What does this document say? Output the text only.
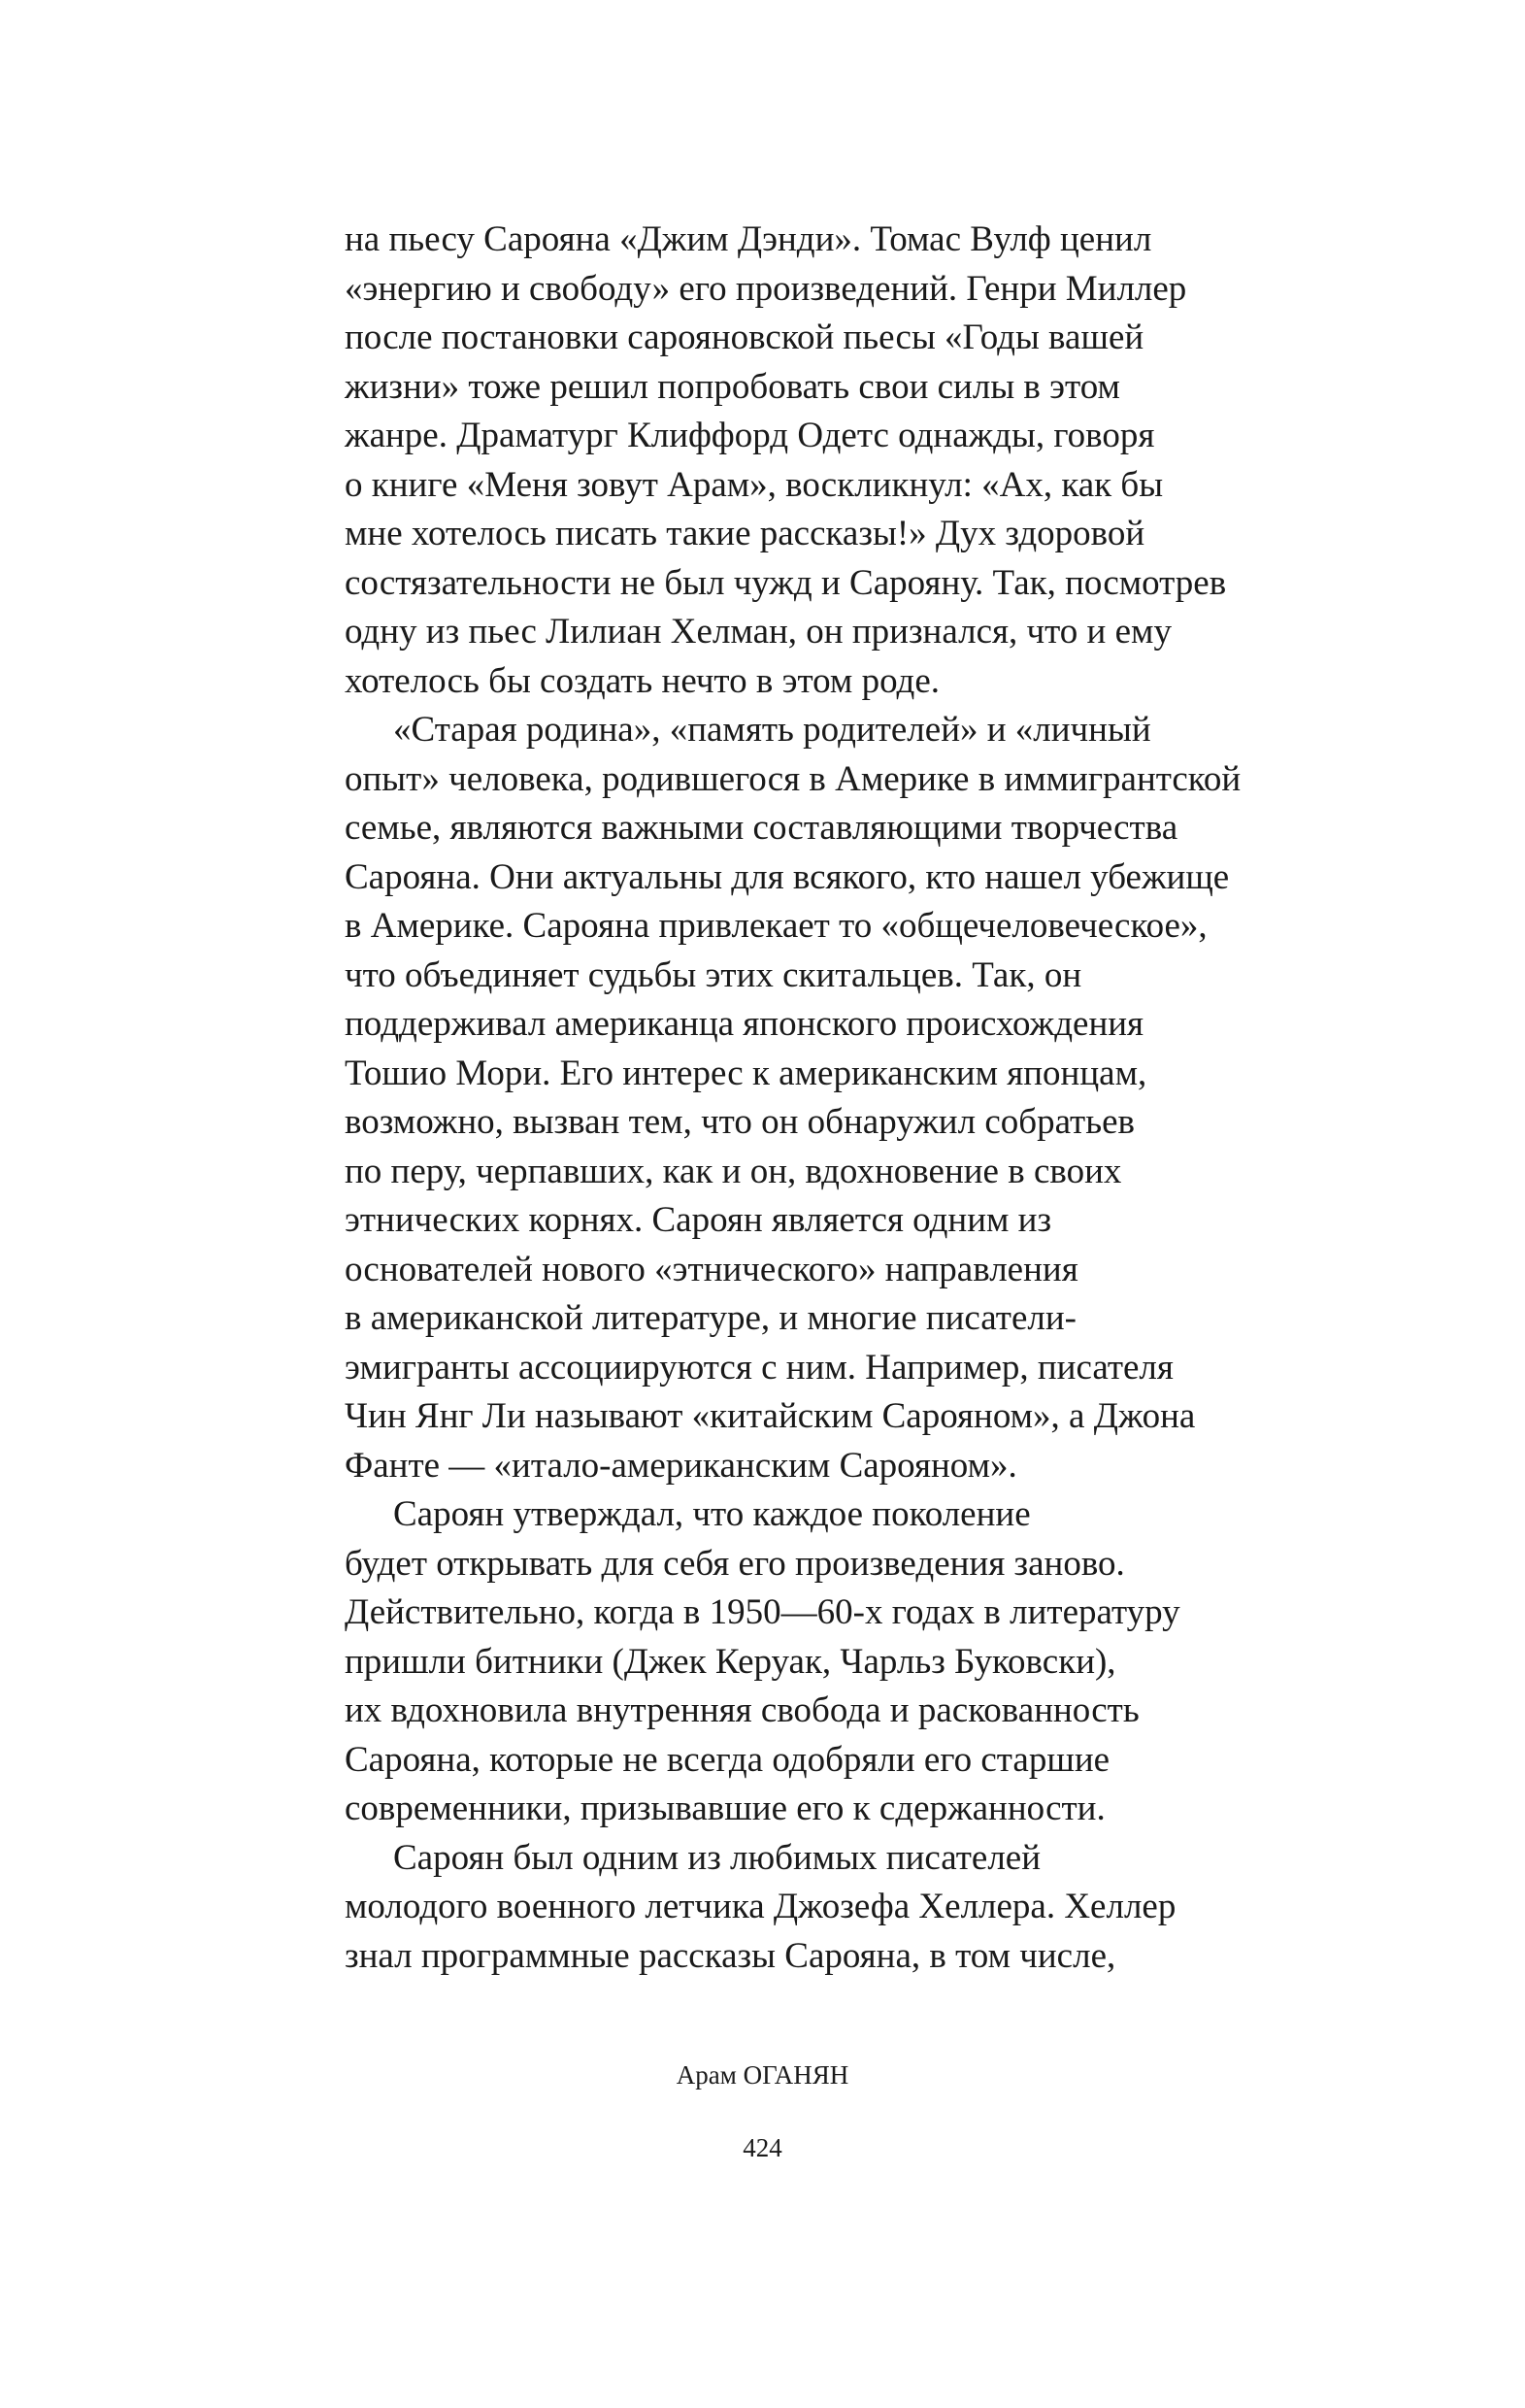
на пьесу Сарояна «Джим Дэнди». Томас Вулф ценил
«энергию и свободу» его произведений. Генри Миллер
после постановки сарояновской пьесы «Годы вашей
жизни» тоже решил попробовать свои силы в этом
жанре. Драматург Клиффорд Одетс однажды, говоря
о книге «Меня зовут Арам», воскликнул: «Ах, как бы
мне хотелось писать такие рассказы!» Дух здоровой
состязательности не был чужд и Сарояну. Так, посмотрев
одну из пьес Лилиан Хелман, он признался, что и ему
хотелось бы создать нечто в этом роде.
«Старая родина», «память родителей» и «личный
опыт» человека, родившегося в Америке в иммигрантской
семье, являются важными составляющими творчества
Сарояна. Они актуальны для всякого, кто нашел убежище
в Америке. Сарояна привлекает то «общечеловеческое»,
что объединяет судьбы этих скитальцев. Так, он
поддерживал американца японского происхождения
Тошио Мори. Его интерес к американским японцам,
возможно, вызван тем, что он обнаружил собратьев
по перу, черпавших, как и он, вдохновение в своих
этнических корнях. Сароян является одним из
основателей нового «этнического» направления
в американской литературе, и многие писатели-
эмигранты ассоциируются с ним. Например, писателя
Чин Янг Ли называют «китайским Сарояном», а Джона
Фанте — «итало-американским Сарояном».
Сароян утверждал, что каждое поколение
будет открывать для себя его произведения заново.
Действительно, когда в 1950—60-х годах в литературу
пришли битники (Джек Керуак, Чарльз Буковски),
их вдохновила внутренняя свобода и раскованность
Сарояна, которые не всегда одобряли его старшие
современники, призывавшие его к сдержанности.
Сароян был одним из любимых писателей
молодого военного летчика Джозефа Хеллера. Хеллер
знал программные рассказы Сарояна, в том числе,
Арам ОГАНЯН
424
